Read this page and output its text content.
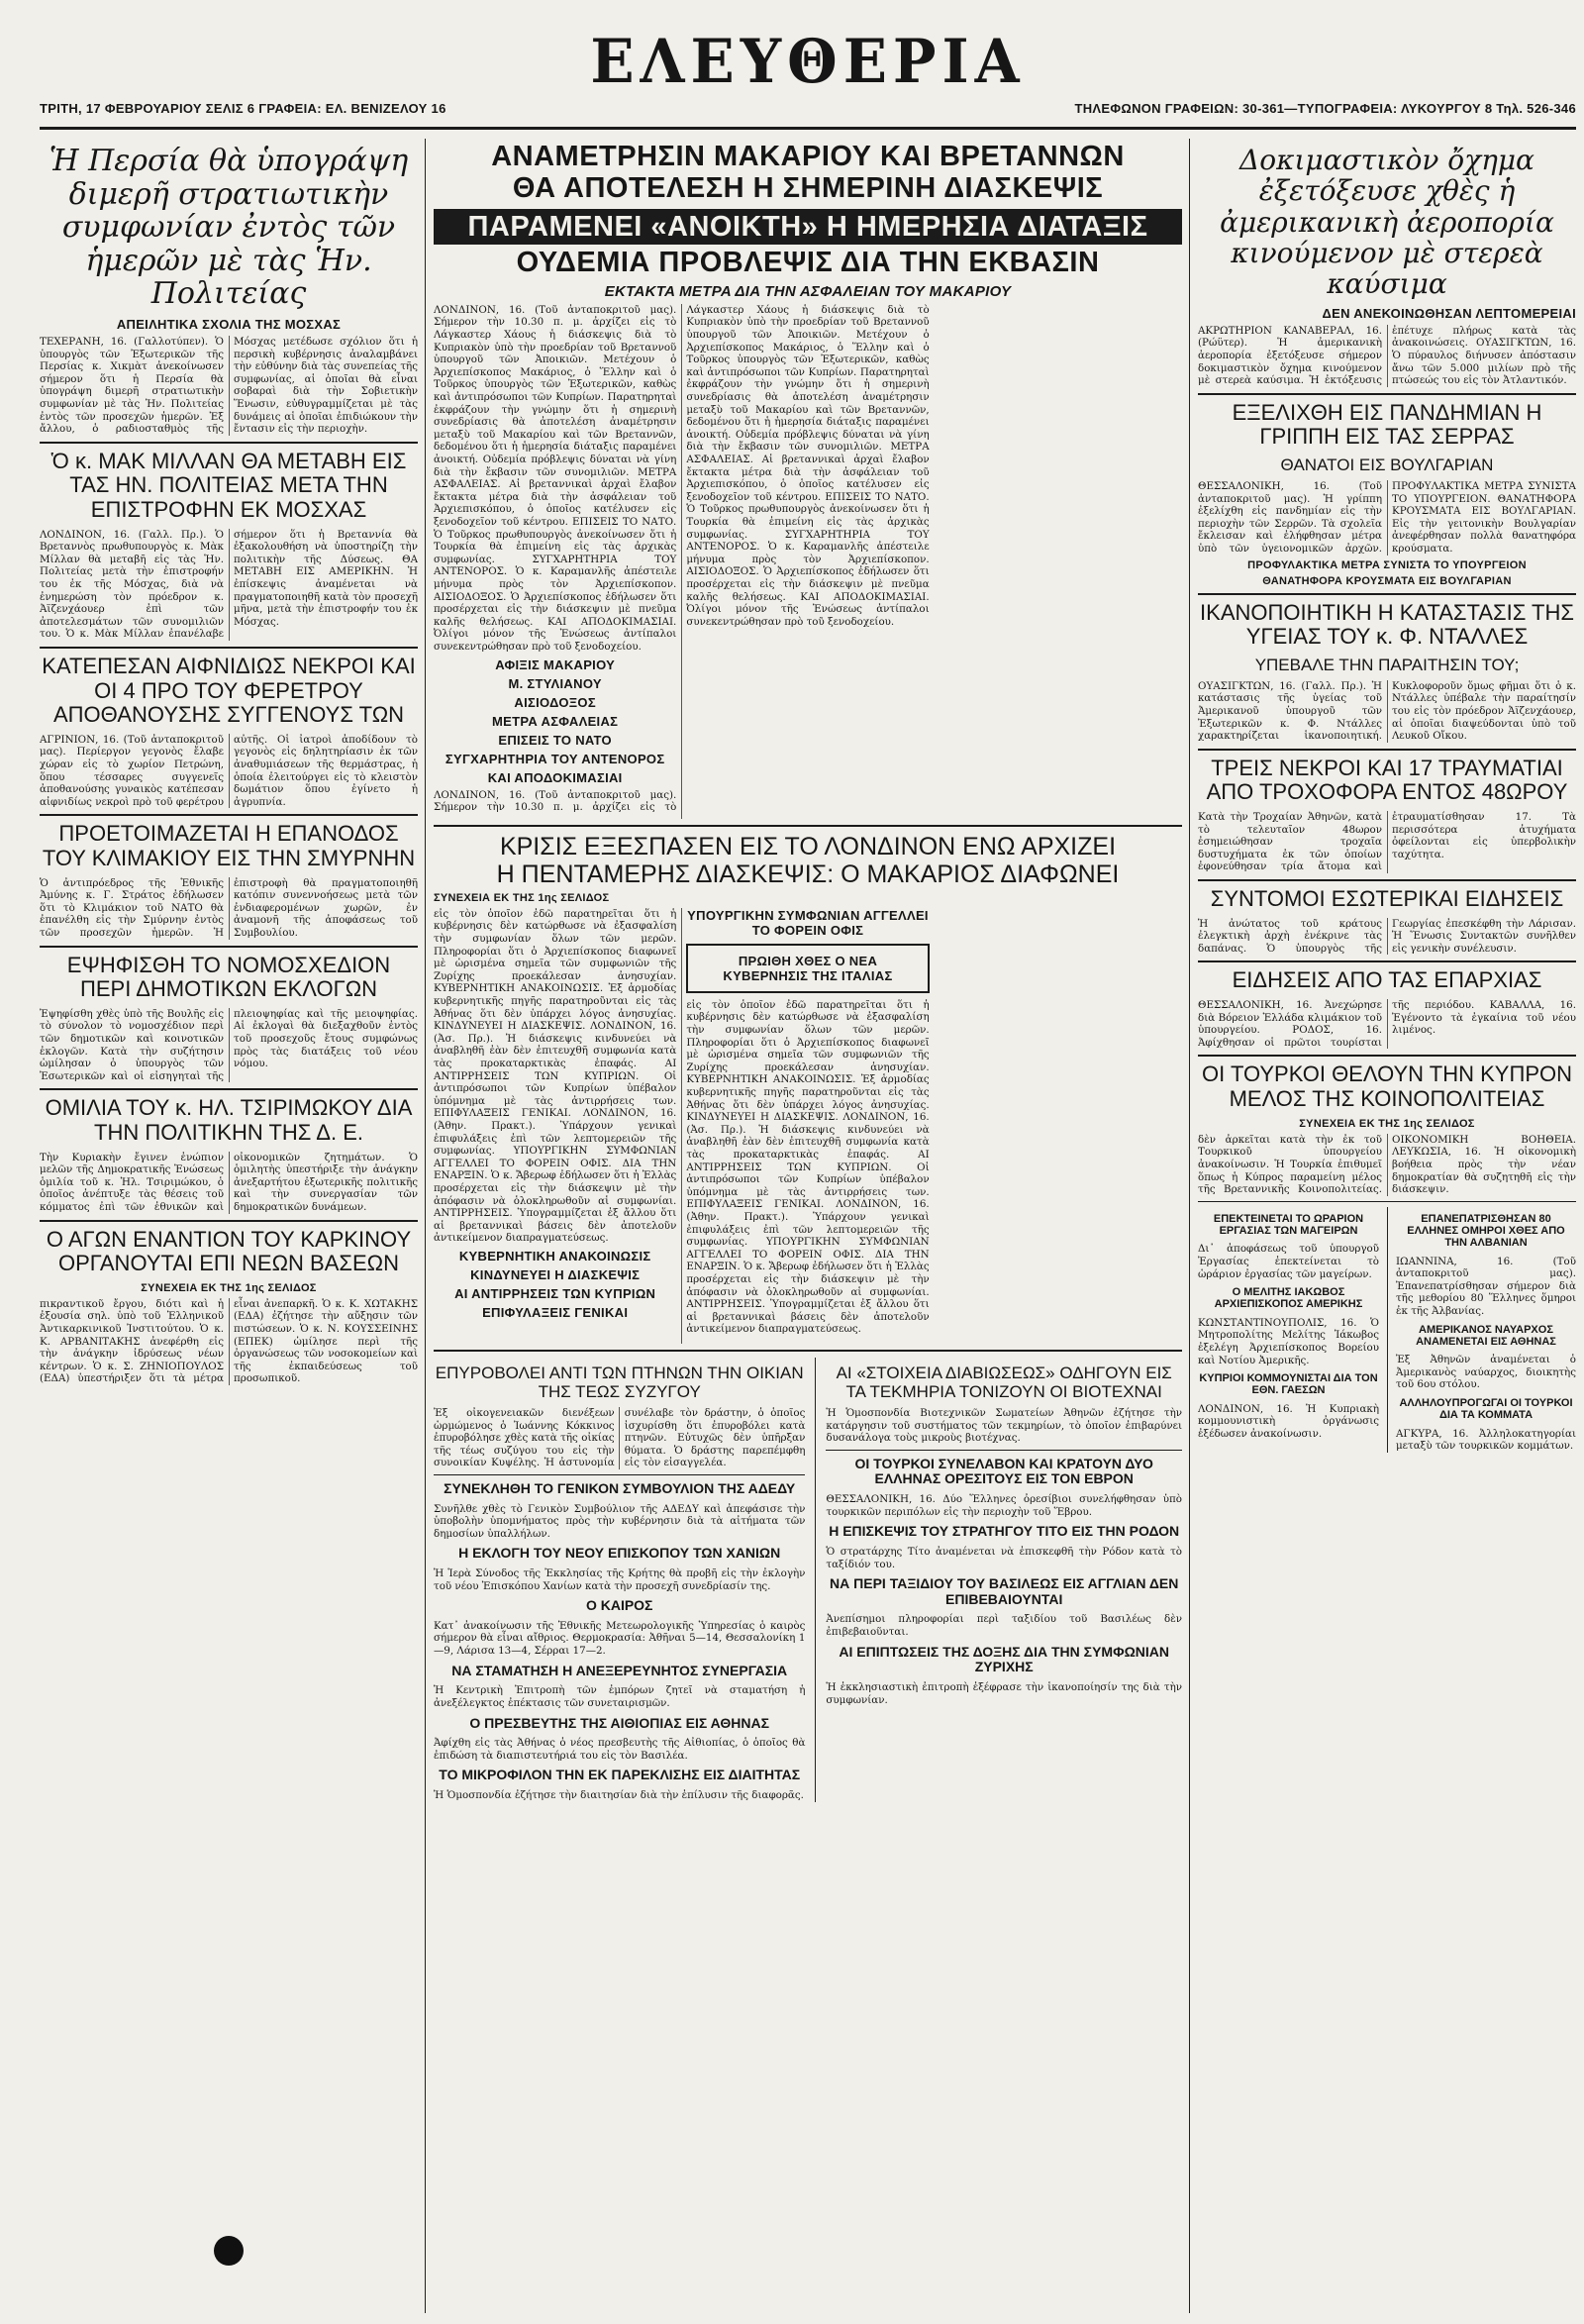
ΕΛΕΥΘΕΡΙΑ
ΤΡΙΤΗ, 17 ΦΕΒΡΟΥΑΡΙΟΥ ΣΕΛΙΣ 6 ΓΡΑΦΕΙΑ: ΕΛ. ΒΕΝΙΖΕΛΟΥ 16	ΤΗΛΕΦΩΝΟΝ ΓΡΑΦΕΙΩΝ: 30-361—ΤΥΠΟΓΡΑΦΕΙΑ: ΛΥΚΟΥΡΓΟΥ 8 Τηλ. 526-346
Ἡ Περσία θὰ ὑπογράψη διμερῆ στρατιωτικὴν συμφωνίαν ἐντὸς τῶν ἡμερῶν μὲ τὰς Ἡν. Πολιτείας
ΑΠΕΙΛΗΤΙΚΑ ΣΧΟΛΙΑ ΤΗΣ ΜΟΣΧΑΣ

ΤΕΧΕΡΑΝΗ, 16. (Γαλλοτύπεν). Ὁ ὑπουργὸς τῶν Ἐξωτερικῶν τῆς Περσίας κ. Χικμὰτ ἀνεκοίνωσεν σήμερον ὅτι ἡ Περσία θὰ ὑπογράψη διμερῆ στρατιωτικὴν συμφωνίαν μὲ τὰς Ἡν. Πολιτείας ἐντὸς τῶν προσεχῶν ἡμερῶν. Ἐξ ἄλλου, ὁ ραδιοσταθμὸς τῆς Μόσχας μετέδωσε σχόλιον ὅτι ἡ περσικὴ κυβέρνησις ἀναλαμβάνει τὴν εὐθύνην διὰ τὰς συνεπείας τῆς συμφωνίας, αἱ ὁποῖαι θὰ εἶναι σοβαραὶ διὰ τὴν Σοβιετικὴν Ἕνωσιν, εὐθυγραμμίζεται μὲ τὰς δυνάμεις αἱ ὁποῖαι ἐπιδιώκουν τὴν ἔντασιν εἰς τὴν περιοχὴν.

Ὁ κ. ΜΑΚ ΜΙΛΛΑΝ ΘΑ ΜΕΤΑΒΗ ΕΙΣ ΤΑΣ ΗΝ. ΠΟΛΙΤΕΙΑΣ ΜΕΤΑ ΤΗΝ ΕΠΙΣΤΡΟΦΗΝ ΕΚ ΜΟΣΧΑΣ

ΛΟΝΔΙΝΟΝ, 16. (Γαλλ. Πρ.). Ὁ Βρεταννὸς πρωθυπουργὸς κ. Μὰκ Μίλλαν θὰ μεταβῆ εἰς τὰς Ἡν. Πολιτείας μετὰ τὴν ἐπιστροφήν του ἐκ τῆς Μόσχας, διὰ νὰ ἐνημερώση τὸν πρόεδρον κ. Ἀϊζενχάουερ ἐπὶ τῶν ἀποτελεσμάτων τῶν συνομιλιῶν του. Ὁ κ. Μὰκ Μίλλαν ἐπανέλαβε σήμερον ὅτι ἡ Βρεταννία θὰ ἐξακολουθήση νὰ ὑποστηρίζη τὴν πολιτικὴν τῆς Δύσεως. ΘΑ ΜΕΤΑΒΗ ΕΙΣ ΑΜΕΡΙΚΗΝ. Ἡ ἐπίσκεψις ἀναμένεται νὰ πραγματοποιηθῆ κατὰ τὸν προσεχῆ μῆνα, μετὰ τὴν ἐπιστροφήν του ἐκ Μόσχας.

ΚΑΤΕΠΕΣΑΝ ΑΙΦΝΙΔΙΩΣ ΝΕΚΡΟΙ ΚΑΙ ΟΙ 4 ΠΡΟ ΤΟΥ ΦΕΡΕΤΡΟΥ ΑΠΟΘΑΝΟΥΣΗΣ ΣΥΓΓΕΝΟΥΣ ΤΩΝ

ΑΓΡΙΝΙΟΝ, 16. (Τοῦ ἀνταποκριτοῦ μας). Περίεργον γεγονὸς ἔλαβε χώραν εἰς τὸ χωρίον Πετρώνη, ὅπου τέσσαρες συγγενεῖς ἀποθανούσης γυναικὸς κατέπεσαν αἰφνιδίως νεκροὶ πρὸ τοῦ φερέτρου αὐτῆς. Οἱ ἰατροὶ ἀποδίδουν τὸ γεγονὸς εἰς δηλητηρίασιν ἐκ τῶν ἀναθυμιάσεων τῆς θερμάστρας, ἡ ὁποία ἐλειτούργει εἰς τὸ κλειστὸν δωμάτιον ὅπου ἐγίνετο ἡ ἀγρυπνία.

ΠΡΟΕΤΟΙΜΑΖΕΤΑΙ Η ΕΠΑΝΟΔΟΣ ΤΟΥ ΚΛΙΜΑΚΙΟΥ ΕΙΣ ΤΗΝ ΣΜΥΡΝΗΝ

Ὁ ἀντιπρόεδρος τῆς Ἑθνικῆς Ἀμύνης κ. Γ. Στράτος ἐδήλωσεν ὅτι τὸ Κλιμάκιον τοῦ ΝΑΤΟ θὰ ἐπανέλθη εἰς τὴν Σμύρνην ἐντὸς τῶν προσεχῶν ἡμερῶν. Ἡ ἐπιστροφὴ θὰ πραγματοποιηθῆ κατόπιν συνεννοήσεως μετὰ τῶν ἐνδιαφερομένων χωρῶν, ἐν ἀναμονῆ τῆς ἀποφάσεως τοῦ Συμβουλίου.

ΕΨΗΦΙΣΘΗ ΤΟ ΝΟΜΟΣΧΕΔΙΟΝ ΠΕΡΙ ΔΗΜΟΤΙΚΩΝ ΕΚΛΟΓΩΝ

Ἐψηφίσθη χθὲς ὑπὸ τῆς Βουλῆς εἰς τὸ σύνολον τὸ νομοσχέδιον περὶ τῶν δημοτικῶν καὶ κοινοτικῶν ἐκλογῶν. Κατὰ τὴν συζήτησιν ὡμίλησαν ὁ ὑπουργὸς τῶν Ἐσωτερικῶν καὶ οἱ εἰσηγηταὶ τῆς πλειοψηφίας καὶ τῆς μειοψηφίας. Αἱ ἐκλογαὶ θὰ διεξαχθοῦν ἐντὸς τοῦ προσεχοῦς ἔτους συμφώνως πρὸς τὰς διατάξεις τοῦ νέου νόμου.

ΟΜΙΛΙΑ ΤΟΥ κ. ΗΛ. ΤΣΙΡΙΜΩΚΟΥ ΔΙΑ ΤΗΝ ΠΟΛΙΤΙΚΗΝ ΤΗΣ Δ. Ε.

Τὴν Κυριακὴν ἔγινεν ἐνώπιον μελῶν τῆς Δημοκρατικῆς Ἑνώσεως ὁμιλία τοῦ κ. Ἠλ. Τσιριμώκου, ὁ ὁποῖος ἀνέπτυξε τὰς θέσεις τοῦ κόμματος ἐπὶ τῶν ἐθνικῶν καὶ οἰκονομικῶν ζητημάτων. Ὁ ὁμιλητὴς ὑπεστήριξε τὴν ἀνάγκην ἀνεξαρτήτου ἐξωτερικῆς πολιτικῆς καὶ τὴν συνεργασίαν τῶν δημοκρατικῶν δυνάμεων.

Ο ΑΓΩΝ ΕΝΑΝΤΙΟΝ ΤΟΥ ΚΑΡΚΙΝΟΥ ΟΡΓΑΝΟΥΤΑΙ ΕΠΙ ΝΕΩΝ ΒΑΣΕΩΝ
ΣΥΝΕΧΕΙΑ ΕΚ ΤΗΣ 1ης ΣΕΛΙΔΟΣ

πικραντικοῦ ἔργου, διότι καὶ ἡ ἐξουσία σηλ. ὑπὸ τοῦ Ἑλληνικοῦ Ἀντικαρκινικοῦ Ἰνστιτούτου. Ὁ κ. Κ. ΑΡΒΑΝΙΤΑΚΗΣ ἀνεφέρθη εἰς τὴν ἀνάγκην ἱδρύσεως νέων κέντρων. Ὁ κ. Σ. ΖΗΝΙΟΠΟΥΛΟΣ (ΕΔΑ) ὑπεστήριξεν ὅτι τὰ μέτρα εἶναι ἀνεπαρκῆ. Ὁ κ. Κ. ΧΩΤΑΚΗΣ (ΕΔΑ) ἐζήτησε τὴν αὔξησιν τῶν πιστώσεων. Ὁ κ. Ν. ΚΟΥΣΣΕΙΝΗΣ (ΕΠΕΚ) ὡμίλησε περὶ τῆς ὀργανώσεως τῶν νοσοκομείων καὶ τῆς ἐκπαιδεύσεως τοῦ προσωπικοῦ.

ΑΝΑΜΕΤΡΗΣΙΝ ΜΑΚΑΡΙΟΥ ΚΑΙ ΒΡΕΤΑΝΝΩΝ
ΘΑ ΑΠΟΤΕΛΕΣΗ Η ΣΗΜΕΡΙΝΗ ΔΙΑΣΚΕΨΙΣ
ΠΑΡΑΜΕΝΕΙ «ΑΝΟΙΚΤΗ» Η ΗΜΕΡΗΣΙΑ ΔΙΑΤΑΞΙΣ
ΟΥΔΕΜΙΑ ΠΡΟΒΛΕΨΙΣ ΔΙΑ ΤΗΝ ΕΚΒΑΣΙΝ
ΕΚΤΑΚΤΑ ΜΕΤΡΑ ΔΙΑ ΤΗΝ ΑΣΦΑΛΕΙΑΝ ΤΟΥ ΜΑΚΑΡΙΟΥ

ΛΟΝΔΙΝΟΝ, 16. (Τοῦ ἀνταποκριτοῦ μας). Σήμερον τὴν 10.30 π. μ. ἀρχίζει εἰς τὸ Λάγκαστερ Χάους ἡ διάσκεψις διὰ τὸ Κυπριακὸν ὑπὸ τὴν προεδρίαν τοῦ Βρεταννοῦ ὑπουργοῦ τῶν Ἀποικιῶν. Μετέχουν ὁ Ἀρχιεπίσκοπος Μακάριος, ὁ Ἕλλην καὶ ὁ Τοῦρκος ὑπουργὸς τῶν Ἐξωτερικῶν, καθὼς καὶ ἀντιπρόσωποι τῶν Κυπρίων. Παρατηρηταὶ ἐκφράζουν τὴν γνώμην ὅτι ἡ σημερινὴ συνεδρίασις θὰ ἀποτελέση ἀναμέτρησιν μεταξὺ τοῦ Μακαρίου καὶ τῶν Βρεταννῶν, δεδομένου ὅτι ἡ ἡμερησία διάταξις παραμένει ἀνοικτή. Οὐδεμία πρόβλεψις δύναται νὰ γίνη διὰ τὴν ἔκβασιν τῶν συνομιλιῶν. ΜΕΤΡΑ ΑΣΦΑΛΕΙΑΣ. Αἱ βρεταννικαὶ ἀρχαὶ ἔλαβον ἔκτακτα μέτρα διὰ τὴν ἀσφάλειαν τοῦ Ἀρχιεπισκόπου, ὁ ὁποῖος κατέλυσεν εἰς ξενοδοχεῖον τοῦ κέντρου. ΕΠΙΣΕΙΣ ΤΟ ΝΑΤΟ. Ὁ Τοῦρκος πρωθυπουργὸς ἀνεκοίνωσεν ὅτι ἡ Τουρκία θὰ ἐπιμείνη εἰς τὰς ἀρχικὰς συμφωνίας. ΣΥΓΧΑΡΗΤΗΡΙΑ ΤΟΥ ΑΝΤΕΝΟΡΟΣ. Ὁ κ. Καραμανλῆς ἀπέστειλε μήνυμα πρὸς τὸν Ἀρχιεπίσκοπον. ΑΙΣΙΟΔΟΞΟΣ. Ὁ Ἀρχιεπίσκοπος ἐδήλωσεν ὅτι προσέρχεται εἰς τὴν διάσκεψιν μὲ πνεῦμα καλῆς θελήσεως. ΚΑΙ ΑΠΟΔΟΚΙΜΑΣΙΑΙ. Ὀλίγοι μόνον τῆς Ἑνώσεως ἀντίπαλοι συνεκεντρώθησαν πρὸ τοῦ ξενοδοχείου.

ΑΦΙΞΙΣ ΜΑΚΑΡΙΟΥ
Μ. ΣΤΥΛΙΑΝΟΥ
ΑΙΣΙΟΔΟΞΟΣ
ΜΕΤΡΑ ΑΣΦΑΛΕΙΑΣ
ΕΠΙΣΕΙΣ ΤΟ ΝΑΤΟ
ΣΥΓΧΑΡΗΤΗΡΙΑ ΤΟΥ ΑΝΤΕΝΟΡΟΣ
ΚΑΙ ΑΠΟΔΟΚΙΜΑΣΙΑΙ

ΛΟΝΔΙΝΟΝ, 16. (Τοῦ ἀνταποκριτοῦ μας). Σήμερον τὴν 10.30 π. μ. ἀρχίζει εἰς τὸ Λάγκαστερ Χάους ἡ διάσκεψις διὰ τὸ Κυπριακὸν ὑπὸ τὴν προεδρίαν τοῦ Βρεταννοῦ ὑπουργοῦ τῶν Ἀποικιῶν. Μετέχουν ὁ Ἀρχιεπίσκοπος Μακάριος, ὁ Ἕλλην καὶ ὁ Τοῦρκος ὑπουργὸς τῶν Ἐξωτερικῶν, καθὼς καὶ ἀντιπρόσωποι τῶν Κυπρίων. Παρατηρηταὶ ἐκφράζουν τὴν γνώμην ὅτι ἡ σημερινὴ συνεδρίασις θὰ ἀποτελέση ἀναμέτρησιν μεταξὺ τοῦ Μακαρίου καὶ τῶν Βρεταννῶν, δεδομένου ὅτι ἡ ἡμερησία διάταξις παραμένει ἀνοικτή. Οὐδεμία πρόβλεψις δύναται νὰ γίνη διὰ τὴν ἔκβασιν τῶν συνομιλιῶν. ΜΕΤΡΑ ΑΣΦΑΛΕΙΑΣ. Αἱ βρεταννικαὶ ἀρχαὶ ἔλαβον ἔκτακτα μέτρα διὰ τὴν ἀσφάλειαν τοῦ Ἀρχιεπισκόπου, ὁ ὁποῖος κατέλυσεν εἰς ξενοδοχεῖον τοῦ κέντρου. ΕΠΙΣΕΙΣ ΤΟ ΝΑΤΟ. Ὁ Τοῦρκος πρωθυπουργὸς ἀνεκοίνωσεν ὅτι ἡ Τουρκία θὰ ἐπιμείνη εἰς τὰς ἀρχικὰς συμφωνίας. ΣΥΓΧΑΡΗΤΗΡΙΑ ΤΟΥ ΑΝΤΕΝΟΡΟΣ. Ὁ κ. Καραμανλῆς ἀπέστειλε μήνυμα πρὸς τὸν Ἀρχιεπίσκοπον. ΑΙΣΙΟΔΟΞΟΣ. Ὁ Ἀρχιεπίσκοπος ἐδήλωσεν ὅτι προσέρχεται εἰς τὴν διάσκεψιν μὲ πνεῦμα καλῆς θελήσεως. ΚΑΙ ΑΠΟΔΟΚΙΜΑΣΙΑΙ. Ὀλίγοι μόνον τῆς Ἑνώσεως ἀντίπαλοι συνεκεντρώθησαν πρὸ τοῦ ξενοδοχείου.

ΚΡΙΣΙΣ ΕΞΕΣΠΑΣΕΝ ΕΙΣ ΤΟ ΛΟΝΔΙΝΟΝ ΕΝΩ ΑΡΧΙΖΕΙ
Η ΠΕΝΤΑΜΕΡΗΣ ΔΙΑΣΚΕΨΙΣ: Ο ΜΑΚΑΡΙΟΣ ΔΙΑΦΩΝΕΙ
ΣΥΝΕΧΕΙΑ ΕΚ ΤΗΣ 1ης ΣΕΛΙΔΟΣ

εἰς τὸν ὁποῖον ἐδῶ παρατηρεῖται ὅτι ἡ κυβέρνησις δὲν κατώρθωσε νὰ ἐξασφαλίση τὴν συμφωνίαν ὅλων τῶν μερῶν. Πληροφορίαι ὅτι ὁ Ἀρχιεπίσκοπος διαφωνεῖ μὲ ὡρισμένα σημεῖα τῶν συμφωνιῶν τῆς Ζυρίχης προεκάλεσαν ἀνησυχίαν. ΚΥΒΕΡΝΗΤΙΚΗ ΑΝΑΚΟΙΝΩΣΙΣ. Ἐξ ἁρμοδίας κυβερνητικῆς πηγῆς παρατηροῦνται εἰς τὰς Ἀθήνας ὅτι δὲν ὑπάρχει λόγος ἀνησυχίας. ΚΙΝΔΥΝΕΥΕΙ Η ΔΙΑΣΚΕΨΙΣ. ΛΟΝΔΙΝΟΝ, 16. (Ἀσ. Πρ.). Ἡ διάσκεψις κινδυνεύει νὰ ἀναβληθῆ ἐὰν δὲν ἐπιτευχθῆ συμφωνία κατὰ τὰς προκαταρκτικὰς ἐπαφάς. ΑΙ ΑΝΤΙΡΡΗΣΕΙΣ ΤΩΝ ΚΥΠΡΙΩΝ. Οἱ ἀντιπρόσωποι τῶν Κυπρίων ὑπέβαλον ὑπόμνημα μὲ τὰς ἀντιρρήσεις των. ΕΠΙΦΥΛΑΞΕΙΣ ΓΕΝΙΚΑΙ. ΛΟΝΔΙΝΟΝ, 16. (Ἀθην. Πρακτ.). Ὑπάρχουν γενικαὶ ἐπιφυλάξεις ἐπὶ τῶν λεπτομερειῶν τῆς συμφωνίας. ΥΠΟΥΡΓΙΚΗΝ ΣΥΜΦΩΝΙΑΝ ΑΓΓΕΛΛΕΙ ΤΟ ΦΟΡΕΙΝ ΟΦΙΣ. ΔΙΑ ΤΗΝ ΕΝΑΡΞΙΝ. Ὁ κ. Ἄβερωφ ἐδήλωσεν ὅτι ἡ Ἑλλὰς προσέρχεται εἰς τὴν διάσκεψιν μὲ τὴν ἀπόφασιν νὰ ὁλοκληρωθοῦν αἱ συμφωνίαι. ΑΝΤΙΡΡΗΣΕΙΣ. Ὑπογραμμίζεται ἐξ ἄλλου ὅτι αἱ βρεταννικαὶ βάσεις δὲν ἀποτελοῦν ἀντικείμενον διαπραγματεύσεως.

ΚΥΒΕΡΝΗΤΙΚΗ ΑΝΑΚΟΙΝΩΣΙΣ
ΚΙΝΔΥΝΕΥΕΙ Η ΔΙΑΣΚΕΨΙΣ
ΑΙ ΑΝΤΙΡΡΗΣΕΙΣ ΤΩΝ ΚΥΠΡΙΩΝ
ΕΠΙΦΥΛΑΞΕΙΣ ΓΕΝΙΚΑΙ
ΥΠΟΥΡΓΙΚΗΝ ΣΥΜΦΩΝΙΑΝ ΑΓΓΕΛΛΕΙ ΤΟ ΦΟΡΕΙΝ ΟΦΙΣ
ΠΡΩΙΘΗ ΧΘΕΣ Ο ΝΕΑ ΚΥΒΕΡΝΗΣΙΣ ΤΗΣ ΙΤΑΛΙΑΣ

εἰς τὸν ὁποῖον ἐδῶ παρατηρεῖται ὅτι ἡ κυβέρνησις δὲν κατώρθωσε νὰ ἐξασφαλίση τὴν συμφωνίαν ὅλων τῶν μερῶν. Πληροφορίαι ὅτι ὁ Ἀρχιεπίσκοπος διαφωνεῖ μὲ ὡρισμένα σημεῖα τῶν συμφωνιῶν τῆς Ζυρίχης προεκάλεσαν ἀνησυχίαν. ΚΥΒΕΡΝΗΤΙΚΗ ΑΝΑΚΟΙΝΩΣΙΣ. Ἐξ ἁρμοδίας κυβερνητικῆς πηγῆς παρατηροῦνται εἰς τὰς Ἀθήνας ὅτι δὲν ὑπάρχει λόγος ἀνησυχίας. ΚΙΝΔΥΝΕΥΕΙ Η ΔΙΑΣΚΕΨΙΣ. ΛΟΝΔΙΝΟΝ, 16. (Ἀσ. Πρ.). Ἡ διάσκεψις κινδυνεύει νὰ ἀναβληθῆ ἐὰν δὲν ἐπιτευχθῆ συμφωνία κατὰ τὰς προκαταρκτικὰς ἐπαφάς. ΑΙ ΑΝΤΙΡΡΗΣΕΙΣ ΤΩΝ ΚΥΠΡΙΩΝ. Οἱ ἀντιπρόσωποι τῶν Κυπρίων ὑπέβαλον ὑπόμνημα μὲ τὰς ἀντιρρήσεις των. ΕΠΙΦΥΛΑΞΕΙΣ ΓΕΝΙΚΑΙ. ΛΟΝΔΙΝΟΝ, 16. (Ἀθην. Πρακτ.). Ὑπάρχουν γενικαὶ ἐπιφυλάξεις ἐπὶ τῶν λεπτομερειῶν τῆς συμφωνίας. ΥΠΟΥΡΓΙΚΗΝ ΣΥΜΦΩΝΙΑΝ ΑΓΓΕΛΛΕΙ ΤΟ ΦΟΡΕΙΝ ΟΦΙΣ. ΔΙΑ ΤΗΝ ΕΝΑΡΞΙΝ. Ὁ κ. Ἄβερωφ ἐδήλωσεν ὅτι ἡ Ἑλλὰς προσέρχεται εἰς τὴν διάσκεψιν μὲ τὴν ἀπόφασιν νὰ ὁλοκληρωθοῦν αἱ συμφωνίαι. ΑΝΤΙΡΡΗΣΕΙΣ. Ὑπογραμμίζεται ἐξ ἄλλου ὅτι αἱ βρεταννικαὶ βάσεις δὲν ἀποτελοῦν ἀντικείμενον διαπραγματεύσεως.

ΕΠΥΡΟΒΟΛΕΙ ΑΝΤΙ ΤΩΝ ΠΤΗΝΩΝ ΤΗΝ ΟΙΚΙΑΝ ΤΗΣ ΤΕΩΣ ΣΥΖΥΓΟΥ

Ἐξ οἰκογενειακῶν διενέξεων ὡρμώμενος ὁ Ἰωάννης Κόκκινος ἐπυροβόλησε χθὲς κατὰ τῆς οἰκίας τῆς τέως συζύγου του εἰς τὴν συνοικίαν Κυψέλης. Ἡ ἀστυνομία συνέλαβε τὸν δράστην, ὁ ὁποῖος ἰσχυρίσθη ὅτι ἐπυροβόλει κατὰ πτηνῶν. Εὐτυχῶς δὲν ὑπῆρξαν θύματα. Ὁ δράστης παρεπέμφθη εἰς τὸν εἰσαγγελέα.

ΣΥΝΕΚΛΗΘΗ ΤΟ ΓΕΝΙΚΟΝ ΣΥΜΒΟΥΛΙΟΝ ΤΗΣ ΑΔΕΔΥ

Συνῆλθε χθὲς τὸ Γενικὸν Συμβούλιον τῆς ΑΔΕΔΥ καὶ ἀπεφάσισε τὴν ὑποβολὴν ὑπομνήματος πρὸς τὴν κυβέρνησιν διὰ τὰ αἰτήματα τῶν δημοσίων ὑπαλλήλων.

Η ΕΚΛΟΓΗ ΤΟΥ ΝΕΟΥ ΕΠΙΣΚΟΠΟΥ ΤΩΝ ΧΑΝΙΩΝ

Ἡ Ἱερὰ Σύνοδος τῆς Ἐκκλησίας τῆς Κρήτης θὰ προβῆ εἰς τὴν ἐκλογὴν τοῦ νέου Ἐπισκόπου Χανίων κατὰ τὴν προσεχῆ συνεδρίασίν της.

Ο ΚΑΙΡΟΣ

Κατ᾽ ἀνακοίνωσιν τῆς Ἑθνικῆς Μετεωρολογικῆς Ὑπηρεσίας ὁ καιρὸς σήμερον θὰ εἶναι αἴθριος. Θερμοκρασία: Ἀθῆναι 5—14, Θεσσαλονίκη 1—9, Λάρισα 13—4, Σέρραι 17—2.

ΝΑ ΣΤΑΜΑΤΗΣΗ Η ΑΝΕΞΕΡΕΥΝΗΤΟΣ ΣΥΝΕΡΓΑΣΙΑ

Ἡ Κεντρικὴ Ἐπιτροπὴ τῶν ἐμπόρων ζητεῖ νὰ σταματήση ἡ ἀνεξέλεγκτος ἐπέκτασις τῶν συνεταιρισμῶν.

Ο ΠΡΕΣΒΕΥΤΗΣ ΤΗΣ ΑΙΘΙΟΠΙΑΣ ΕΙΣ ΑΘΗΝΑΣ

Ἀφίχθη εἰς τὰς Ἀθήνας ὁ νέος πρεσβευτὴς τῆς Αἰθιοπίας, ὁ ὁποῖος θὰ ἐπιδώση τὰ διαπιστευτήριά του εἰς τὸν Βασιλέα.

ΤΟ ΜΙΚΡΟΦΙΛΟΝ ΤΗΝ ΕΚ ΠΑΡΕΚΛΙΣΗΣ ΕΙΣ ΔΙΑΙΤΗΤΑΣ

Ἡ Ὁμοσπονδία ἐζήτησε τὴν διαιτησίαν διὰ τὴν ἐπίλυσιν τῆς διαφορᾶς.

ΑΙ «ΣΤΟΙΧΕΙΑ ΔΙΑΒΙΩΣΕΩΣ» ΟΔΗΓΟΥΝ ΕΙΣ ΤΑ ΤΕΚΜΗΡΙΑ ΤΟΝΙΖΟΥΝ ΟΙ ΒΙΟΤΕΧΝΑΙ

Ἡ Ὁμοσπονδία Βιοτεχνικῶν Σωματείων Ἀθηνῶν ἐζήτησε τὴν κατάργησιν τοῦ συστήματος τῶν τεκμηρίων, τὸ ὁποῖον ἐπιβαρύνει δυσανάλογα τοὺς μικροὺς βιοτέχνας.

ΟΙ ΤΟΥΡΚΟΙ ΣΥΝΕΛΑΒΟΝ ΚΑΙ ΚΡΑΤΟΥΝ ΔΥΟ ΕΛΛΗΝΑΣ ΟΡΕΣΙΤΟΥΣ ΕΙΣ ΤΟΝ ΕΒΡΟΝ

ΘΕΣΣΑΛΟΝΙΚΗ, 16. Δύο Ἕλληνες ὀρεσίβιοι συνελήφθησαν ὑπὸ τουρκικῶν περιπόλων εἰς τὴν περιοχὴν τοῦ Ἕβρου.

Η ΕΠΙΣΚΕΨΙΣ ΤΟΥ ΣΤΡΑΤΗΓΟΥ ΤΙΤΟ ΕΙΣ ΤΗΝ ΡΟΔΟΝ

Ὁ στρατάρχης Τίτο ἀναμένεται νὰ ἐπισκεφθῆ τὴν Ρόδον κατὰ τὸ ταξίδιόν του.

ΝΑ ΠΕΡΙ ΤΑΞΙΔΙΟΥ ΤΟΥ ΒΑΣΙΛΕΩΣ ΕΙΣ ΑΓΓΛΙΑΝ ΔΕΝ ΕΠΙΒΕΒΑΙΟΥΝΤΑΙ

Ἀνεπίσημοι πληροφορίαι περὶ ταξιδίου τοῦ Βασιλέως δὲν ἐπιβεβαιοῦνται.

ΑΙ ΕΠΙΠΤΩΣΕΙΣ ΤΗΣ ΔΟΞΗΣ ΔΙΑ ΤΗΝ ΣΥΜΦΩΝΙΑΝ ΖΥΡΙΧΗΣ

Ἡ ἐκκλησιαστικὴ ἐπιτροπὴ ἐξέφρασε τὴν ἱκανοποίησίν της διὰ τὴν συμφωνίαν.

Δοκιμαστικὸν ὄχημα ἐξετόξευσε χθὲς ἡ ἀμερικανικὴ ἀεροπορία κινούμενον μὲ στερεὰ καύσιμα
ΔΕΝ ΑΝΕΚΟΙΝΩΘΗΣΑΝ ΛΕΠΤΟΜΕΡΕΙΑΙ

ΑΚΡΩΤΗΡΙΟΝ ΚΑΝΑΒΕΡΑΛ, 16. (Ρώϋτερ). Ἡ ἀμερικανικὴ ἀεροπορία ἐξετόξευσε σήμερον δοκιμαστικὸν ὄχημα κινούμενον μὲ στερεὰ καύσιμα. Ἡ ἐκτόξευσις ἐπέτυχε πλήρως κατὰ τὰς ἀνακοινώσεις. ΟΥΑΣΙΓΚΤΩΝ, 16. Ὁ πύραυλος διήνυσεν ἀπόστασιν ἄνω τῶν 5.000 μιλίων πρὸ τῆς πτώσεώς του εἰς τὸν Ἀτλαντικόν.

ΕΞΕΛΙΧΘΗ ΕΙΣ ΠΑΝΔΗΜΙΑΝ Η ΓΡΙΠΠΗ ΕΙΣ ΤΑΣ ΣΕΡΡΑΣ
ΘΑΝΑΤΟΙ ΕΙΣ ΒΟΥΛΓΑΡΙΑΝ

ΘΕΣΣΑΛΟΝΙΚΗ, 16. (Τοῦ ἀνταποκριτοῦ μας). Ἡ γρίππη ἐξελίχθη εἰς πανδημίαν εἰς τὴν περιοχὴν τῶν Σερρῶν. Τὰ σχολεῖα ἔκλεισαν καὶ ἐλήφθησαν μέτρα ὑπὸ τῶν ὑγειονομικῶν ἀρχῶν. ΠΡΟΦΥΛΑΚΤΙΚΑ ΜΕΤΡΑ ΣΥΝΙΣΤΑ ΤΟ ΥΠΟΥΡΓΕΙΟΝ. ΘΑΝΑΤΗΦΟΡΑ ΚΡΟΥΣΜΑΤΑ ΕΙΣ ΒΟΥΛΓΑΡΙΑΝ. Εἰς τὴν γειτονικὴν Βουλγαρίαν ἀνεφέρθησαν πολλὰ θανατηφόρα κρούσματα.

ΠΡΟΦΥΛΑΚΤΙΚΑ ΜΕΤΡΑ ΣΥΝΙΣΤΑ ΤΟ ΥΠΟΥΡΓΕΙΟΝ
ΘΑΝΑΤΗΦΟΡΑ ΚΡΟΥΣΜΑΤΑ ΕΙΣ ΒΟΥΛΓΑΡΙΑΝ
ΙΚΑΝΟΠΟΙΗΤΙΚΗ Η ΚΑΤΑΣΤΑΣΙΣ ΤΗΣ ΥΓΕΙΑΣ ΤΟΥ κ. Φ. ΝΤΑΛΛΕΣ
ΥΠΕΒΑΛΕ ΤΗΝ ΠΑΡΑΙΤΗΣΙΝ ΤΟΥ;

ΟΥΑΣΙΓΚΤΩΝ, 16. (Γαλλ. Πρ.). Ἡ κατάστασις τῆς ὑγείας τοῦ Ἀμερικανοῦ ὑπουργοῦ τῶν Ἐξωτερικῶν κ. Φ. Ντάλλες χαρακτηρίζεται ἱκανοποιητική. Κυκλοφοροῦν ὅμως φῆμαι ὅτι ὁ κ. Ντάλλες ὑπέβαλε τὴν παραίτησίν του εἰς τὸν πρόεδρον Ἀϊζενχάουερ, αἱ ὁποῖαι διαψεύδονται ὑπὸ τοῦ Λευκοῦ Οἴκου.

ΤΡΕΙΣ ΝΕΚΡΟΙ ΚΑΙ 17 ΤΡΑΥΜΑΤΙΑΙ ΑΠΟ ΤΡΟΧΟΦΟΡΑ ΕΝΤΟΣ 48ΩΡΟΥ

Κατὰ τὴν Τροχαίαν Ἀθηνῶν, κατὰ τὸ τελευταῖον 48ωρον ἐσημειώθησαν τροχαῖα δυστυχήματα ἐκ τῶν ὁποίων ἐφονεύθησαν τρία ἄτομα καὶ ἐτραυματίσθησαν 17. Τὰ περισσότερα ἀτυχήματα ὀφείλονται εἰς ὑπερβολικὴν ταχύτητα.

ΣΥΝΤΟΜΟΙ ΕΣΩΤΕΡΙΚΑΙ ΕΙΔΗΣΕΙΣ

Ἡ ἀνώτατος τοῦ κράτους ἐλεγκτικὴ ἀρχὴ ἐνέκρινε τὰς δαπάνας. Ὁ ὑπουργὸς τῆς Γεωργίας ἐπεσκέφθη τὴν Λάρισαν. Ἡ Ἕνωσις Συντακτῶν συνῆλθεν εἰς γενικὴν συνέλευσιν.

ΕΙΔΗΣΕΙΣ ΑΠΟ ΤΑΣ ΕΠΑΡΧΙΑΣ

ΘΕΣΣΑΛΟΝΙΚΗ, 16. Ἀνεχώρησε διὰ Βόρειον Ἑλλάδα κλιμάκιον τοῦ ὑπουργείου. ΡΟΔΟΣ, 16. Ἀφίχθησαν οἱ πρῶτοι τουρίσται τῆς περιόδου. ΚΑΒΑΛΛΑ, 16. Ἐγένοντο τὰ ἐγκαίνια τοῦ νέου λιμένος.

ΟΙ ΤΟΥΡΚΟΙ ΘΕΛΟΥΝ ΤΗΝ ΚΥΠΡΟΝ ΜΕΛΟΣ ΤΗΣ ΚΟΙΝΟΠΟΛΙΤΕΙΑΣ
ΣΥΝΕΧΕΙΑ ΕΚ ΤΗΣ 1ης ΣΕΛΙΔΟΣ

δὲν ἀρκεῖται κατὰ τὴν ἐκ τοῦ Τουρκικοῦ ὑπουργείου ἀνακοίνωσιν. Ἡ Τουρκία ἐπιθυμεῖ ὅπως ἡ Κύπρος παραμείνη μέλος τῆς Βρεταννικῆς Κοινοπολιτείας. ΟΙΚΟΝΟΜΙΚΗ ΒΟΗΘΕΙΑ. ΛΕΥΚΩΣΙΑ, 16. Ἡ οἰκονομικὴ βοήθεια πρὸς τὴν νέαν δημοκρατίαν θὰ συζητηθῆ εἰς τὴν διάσκεψιν.

ΕΠΕΚΤΕΙΝΕΤΑΙ ΤΟ ΩΡΑΡΙΟΝ ΕΡΓΑΣΙΑΣ ΤΩΝ ΜΑΓΕΙΡΩΝ

Δι᾽ ἀποφάσεως τοῦ ὑπουργοῦ Ἐργασίας ἐπεκτείνεται τὸ ὡράριον ἐργασίας τῶν μαγείρων.

Ο ΜΕΛΙΤΗΣ ΙΑΚΩΒΟΣ ΑΡΧΙΕΠΙΣΚΟΠΟΣ ΑΜΕΡΙΚΗΣ

ΚΩΝΣΤΑΝΤΙΝΟΥΠΟΛΙΣ, 16. Ὁ Μητροπολίτης Μελίτης Ἰάκωβος ἐξελέγη Ἀρχιεπίσκοπος Βορείου καὶ Νοτίου Ἀμερικῆς.

ΚΥΠΡΙΟΙ ΚΟΜΜΟΥΝΙΣΤΑΙ ΔΙΑ ΤΟΝ ΕΘΝ. ΓΑΕΣΩΝ

ΛΟΝΔΙΝΟΝ, 16. Ἡ Κυπριακὴ κομμουνιστικὴ ὀργάνωσις ἐξέδωσεν ἀνακοίνωσιν.

ΕΠΑΝΕΠΑΤΡΙΣΘΗΣΑΝ 80 ΕΛΛΗΝΕΣ ΟΜΗΡΟΙ ΧΘΕΣ ΑΠΟ ΤΗΝ ΑΛΒΑΝΙΑΝ

ΙΩΑΝΝΙΝΑ, 16. (Τοῦ ἀνταποκριτοῦ μας). Ἐπανεπατρίσθησαν σήμερον διὰ τῆς μεθορίου 80 Ἕλληνες ὅμηροι ἐκ τῆς Ἀλβανίας.

ΑΜΕΡΙΚΑΝΟΣ ΝΑΥΑΡΧΟΣ ΑΝΑΜΕΝΕΤΑΙ ΕΙΣ ΑΘΗΝΑΣ

Ἐξ Ἀθηνῶν ἀναμένεται ὁ Ἀμερικανὸς ναύαρχος, διοικητὴς τοῦ 6ου στόλου.

ΑΛΛΗΛΟΥΠΡΟΓΩΓΑΙ ΟΙ ΤΟΥΡΚΟΙ ΔΙΑ ΤΑ ΚΟΜΜΑΤΑ

ΑΓΚΥΡΑ, 16. Ἀλληλοκατηγορίαι μεταξὺ τῶν τουρκικῶν κομμάτων.
